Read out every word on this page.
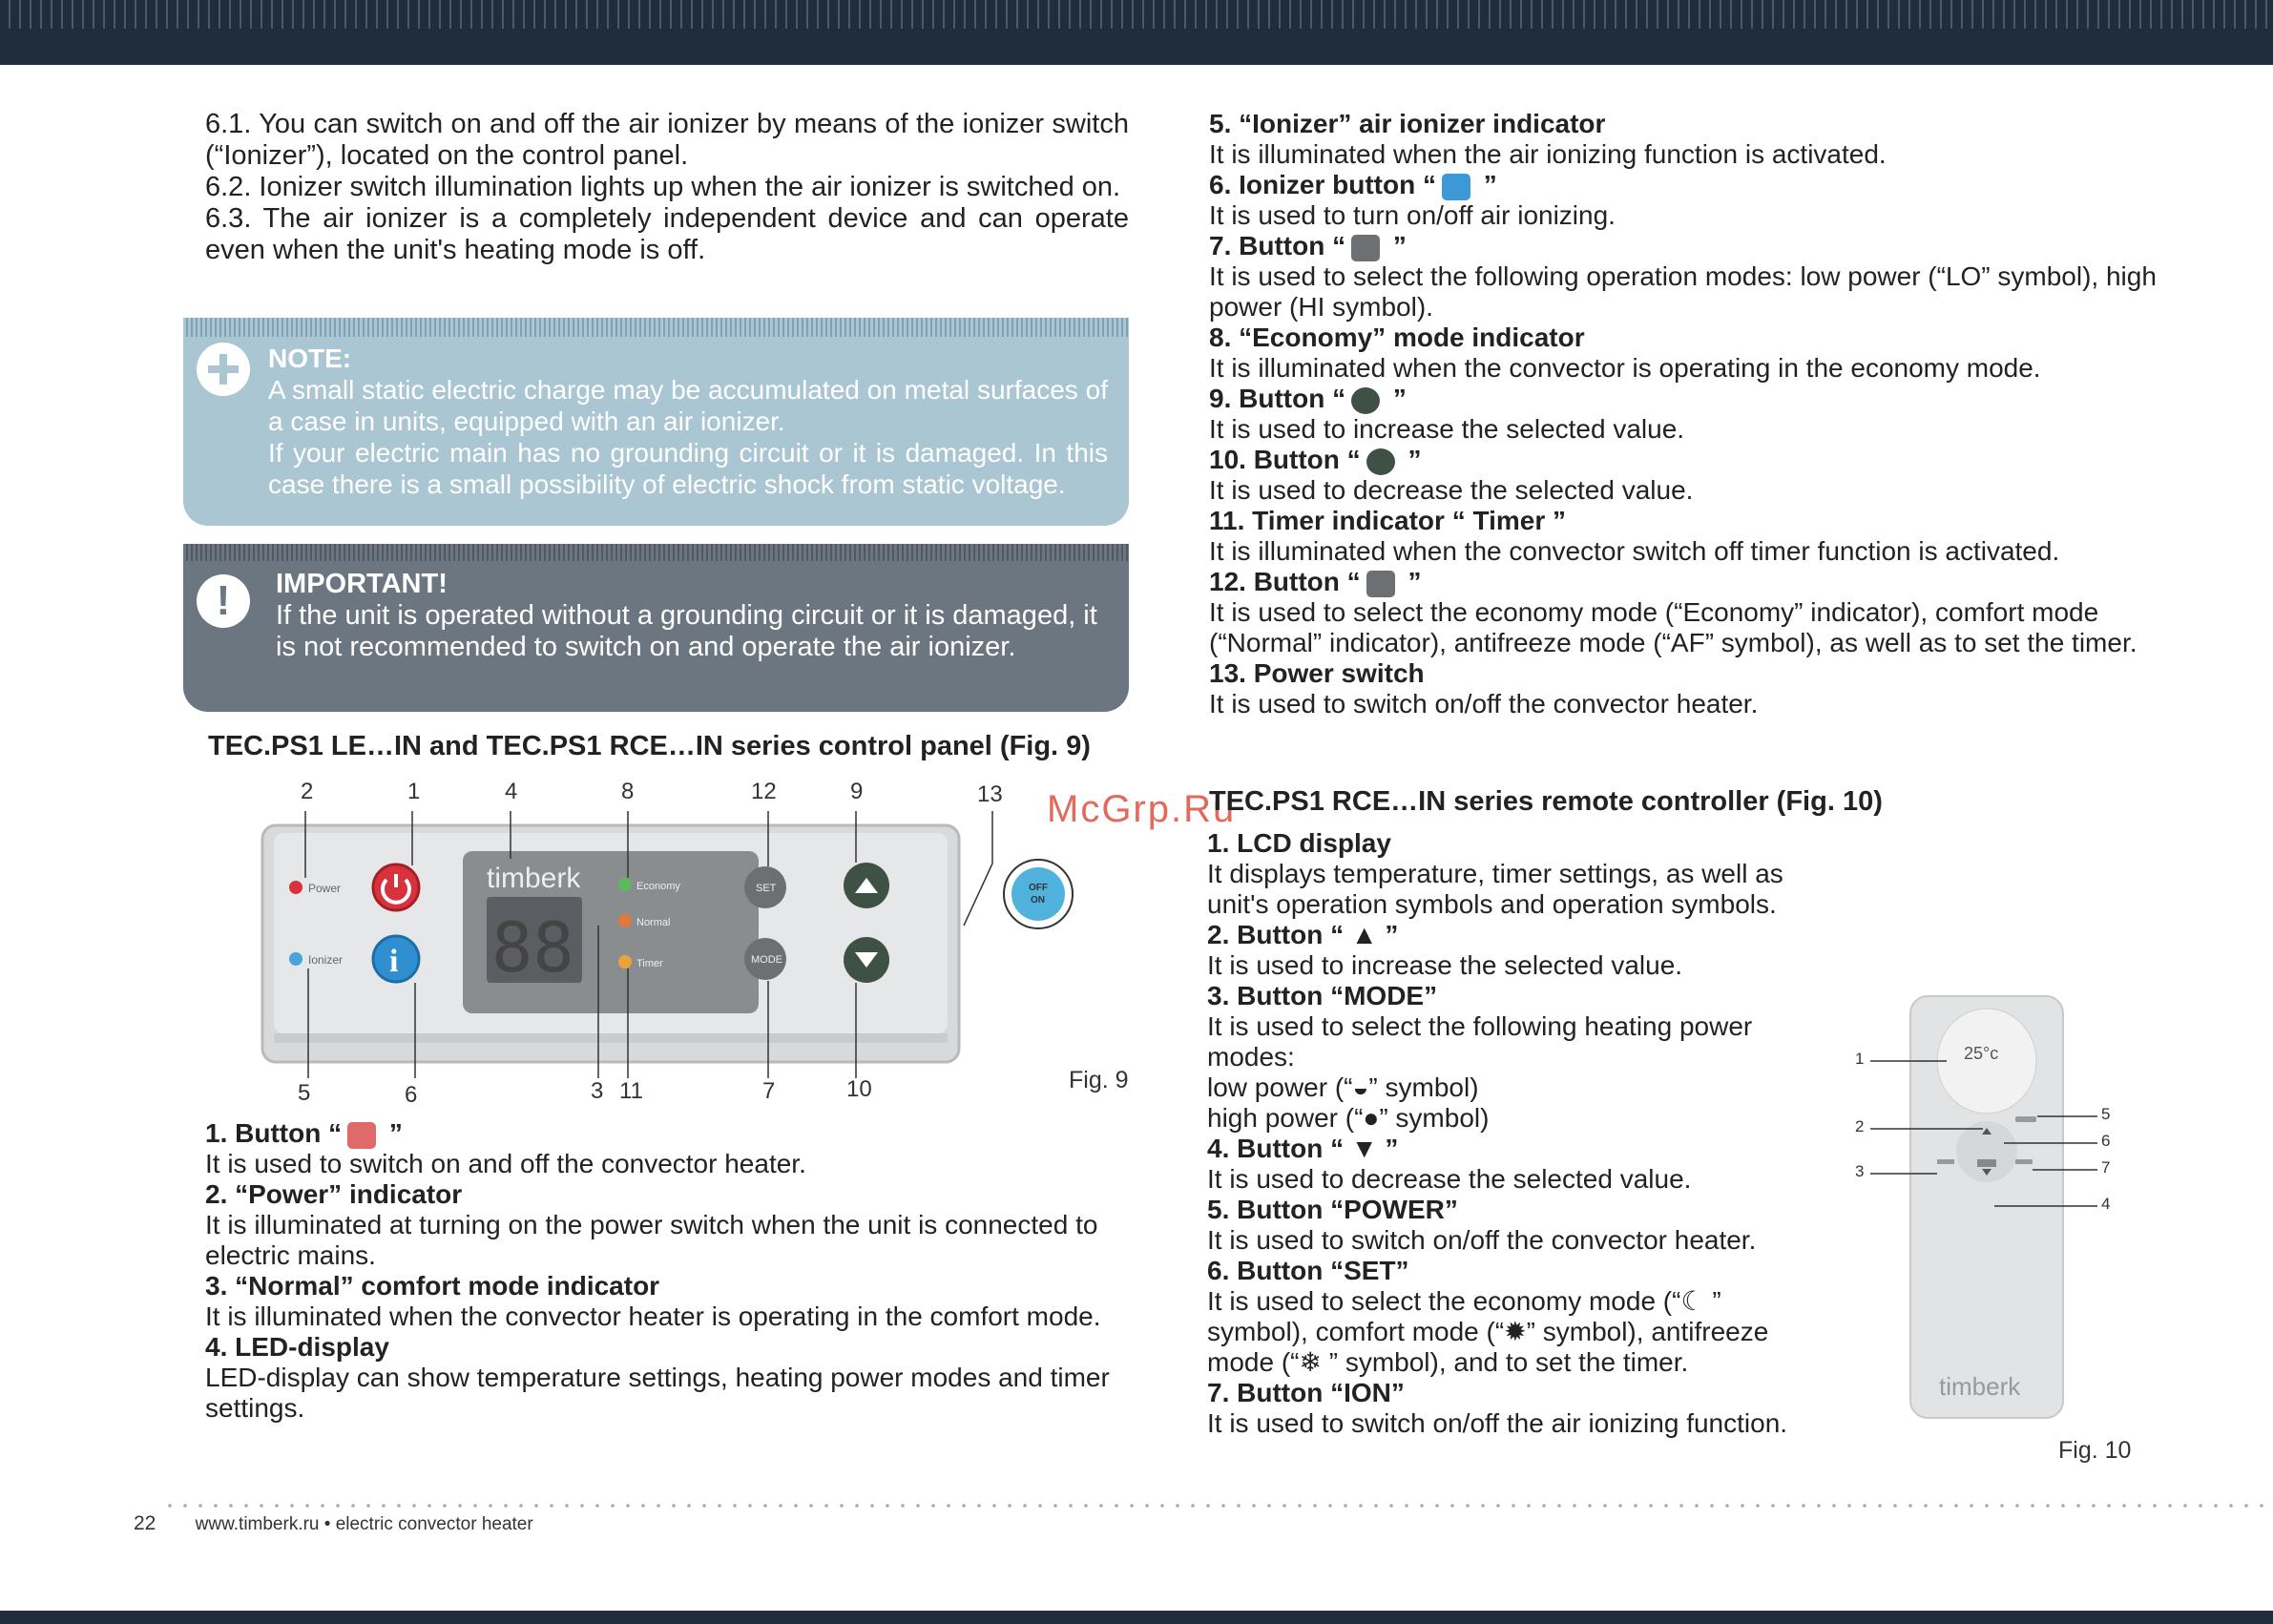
6.1. You can switch on and off the air ionizer by means of the ionizer switch (“Ionizer”), located on the control panel.

6.2. Ionizer switch illumination lights up when the air ionizer is switched on.

6.3. The air ionizer is a completely independent device and can operate even when the unit's heating mode is off.

NOTE:
A small static electric charge may be accumulated on metal surfaces of a case in units, equipped with an air ionizer.
If your electric main has no grounding circuit or it is damaged. In this case there is a small possibility of electric shock from static voltage.
!	IMPORTANT!
If the unit is operated without a grounding circuit or it is damaged, it is not recommended to switch on and operate the air ionizer.
TEC.PS1 LE…IN and TEC.PS1 RCE…IN series control panel (Fig. 9)
timberk
88
Power
Ionizer i
Economy
Normal
Timer
SET
MODE
OFF
ON
2	1	4	8	12	9	13
5	6	3 11	7	10	Fig. 9

1. Button “ ”

It is used to switch on and off the convector heater.

2. “Power” indicator

It is illuminated at turning on the power switch when the unit is connected to electric mains.

3. “Normal” comfort mode indicator

It is illuminated when the convector heater is operating in the comfort mode.

4. LED-display

LED-display can show temperature settings, heating power modes and timer settings.

5. “Ionizer” air ionizer indicator

It is illuminated when the air ionizing function is activated.

6. Ionizer button “ ”

It is used to turn on/off air ionizing.

7. Button “ ”

It is used to select the following operation modes: low power (“LO” symbol), high power (HI symbol).

8. “Economy” mode indicator

It is illuminated when the convector is operating in the economy mode.

9. Button “ ”

It is used to increase the selected value.

10. Button “ ”

It is used to decrease the selected value.

11. Timer indicator “ Timer ”

It is illuminated when the convector switch off timer function is activated.

12. Button “ ”

It is used to select the economy mode (“Economy” indicator), comfort mode (“Normal” indicator), antifreeze mode (“AF” symbol), as well as to set the timer.

13. Power switch

It is used to switch on/off the convector heater.

McGrp.Ru
TEC.PS1 RCE…IN series remote controller (Fig. 10)

1. LCD display

It displays temperature, timer settings, as well as unit's operation symbols and operation symbols.

2. Button “ ▲ ”

It is used to increase the selected value.

3. Button “MODE”

It is used to select the following heating power modes:

low power (“◒” symbol)

high power (“●” symbol)

4. Button “ ▼ ”

It is used to decrease the selected value.

5. Button “POWER”

It is used to switch on/off the convector heater.

6. Button “SET”

It is used to select the economy mode (“☾ ” symbol), comfort mode (“✹” symbol), antifreeze mode (“❄ ” symbol), and to set the timer.

7. Button “ION”

It is used to switch on/off the air ionizing function.

25°c
timberk
1
2
3
5
6
7
4
Fig. 10
22 www.timberk.ru • electric convector heater
